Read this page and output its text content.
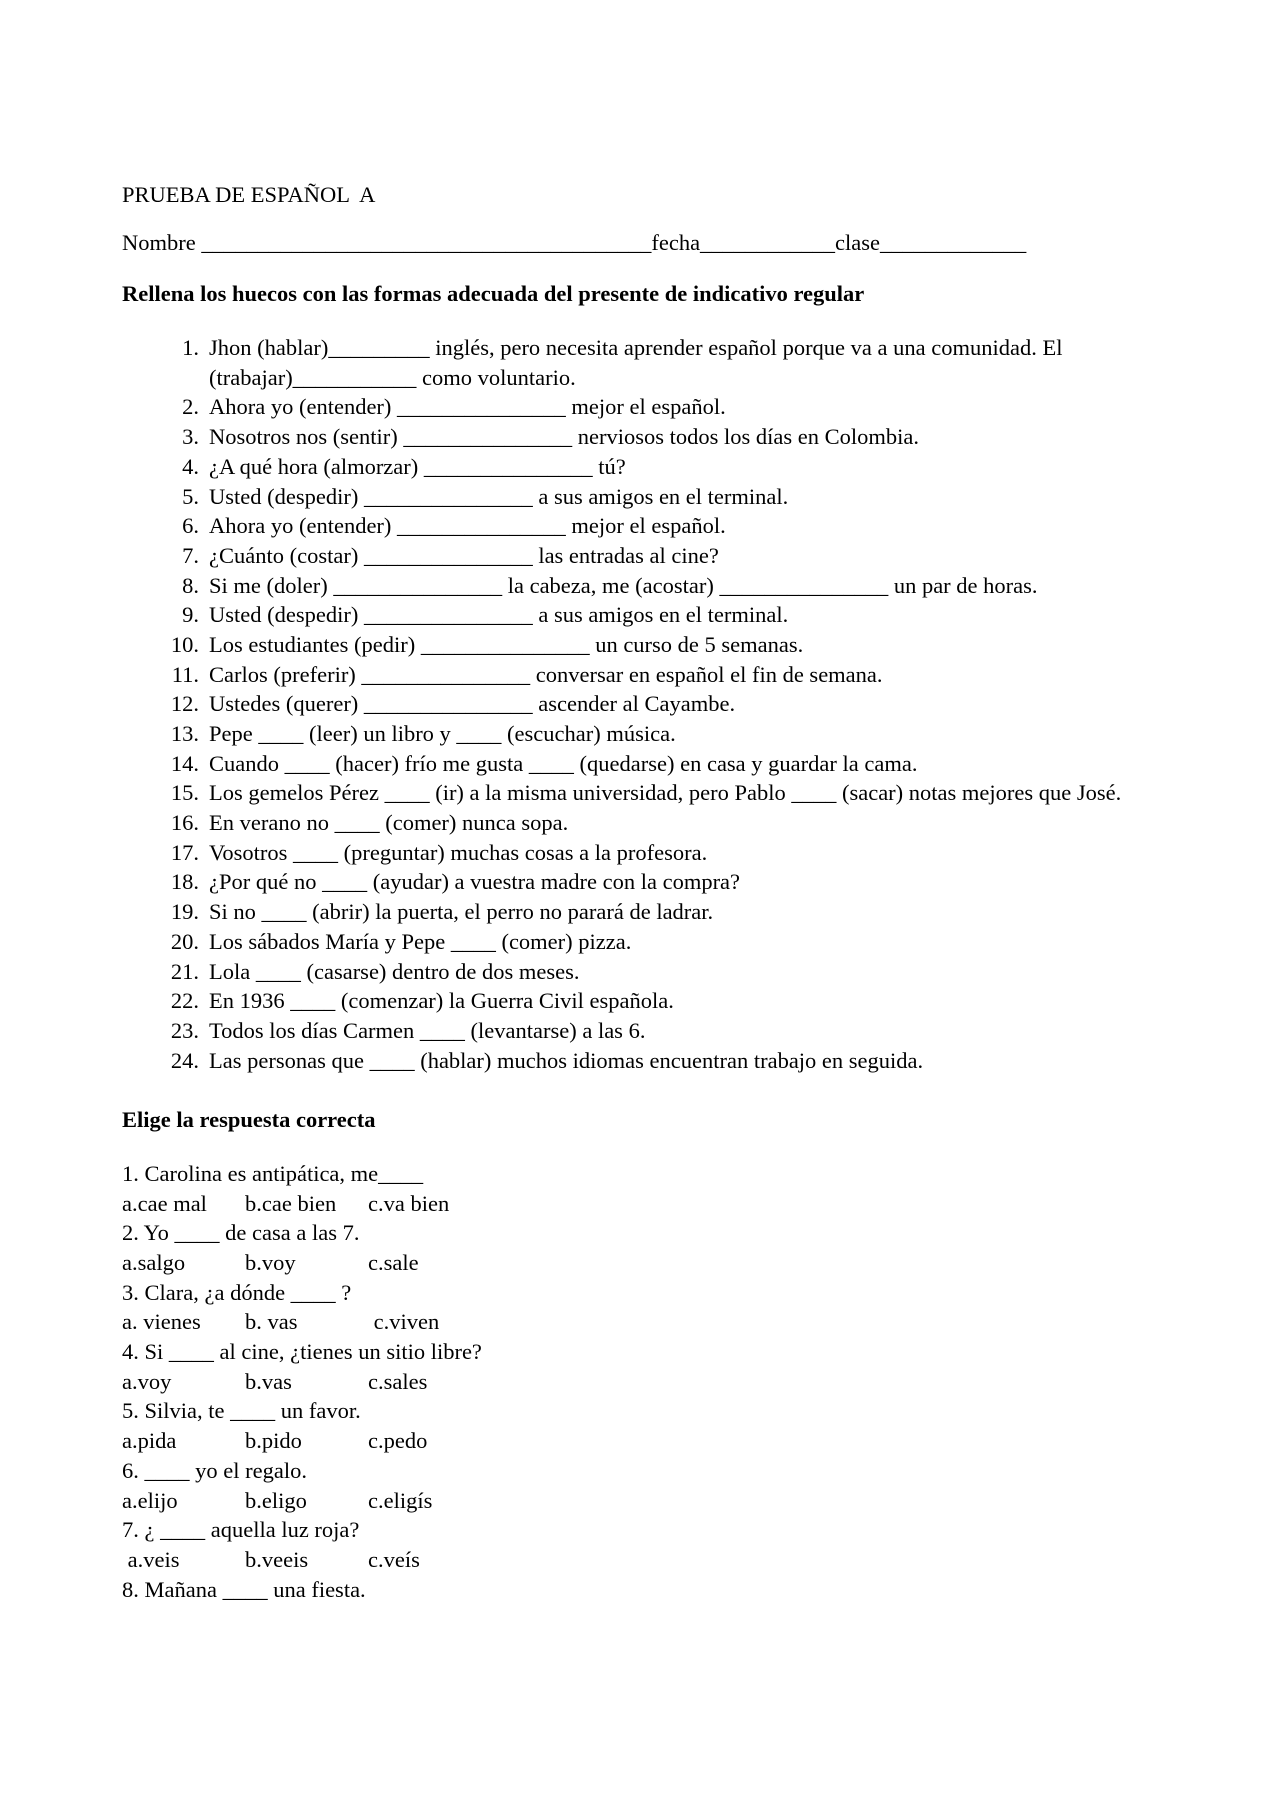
PRUEBA DE ESPAÑOL  A
Nombre ________________________________________fecha____________clase_____________
Rellena los huecos con las formas adecuada del presente de indicativo regular
1. Jhon (hablar)_________ inglés, pero necesita aprender español porque va a una comunidad. El (trabajar)___________ como voluntario.
2. Ahora yo (entender) _______________ mejor el español.
3. Nosotros nos (sentir) _______________ nerviosos todos los días en Colombia.
4. ¿A qué hora (almorzar) _______________ tú?
5. Usted (despedir) _______________ a sus amigos en el terminal.
6. Ahora yo (entender) _______________ mejor el español.
7. ¿Cuánto (costar) _______________ las entradas al cine?
8. Si me (doler) _______________ la cabeza, me (acostar) _______________ un par de horas.
9. Usted (despedir) _______________ a sus amigos en el terminal.
10. Los estudiantes (pedir) _______________ un curso de 5 semanas.
11. Carlos (preferir) _______________ conversar en español el fin de semana.
12. Ustedes (querer) _______________ ascender al Cayambe.
13. Pepe ____ (leer) un libro y ____ (escuchar) música.
14. Cuando ____ (hacer) frío me gusta ____ (quedarse) en casa y guardar la cama.
15. Los gemelos Pérez ____ (ir) a la misma universidad, pero Pablo ____ (sacar) notas mejores que José.
16. En verano no ____ (comer) nunca sopa.
17. Vosotros ____ (preguntar) muchas cosas a la profesora.
18. ¿Por qué no ____ (ayudar) a vuestra madre con la compra?
19. Si no ____ (abrir) la puerta, el perro no parará de ladrar.
20. Los sábados María y Pepe ____ (comer) pizza.
21. Lola ____ (casarse) dentro de dos meses.
22. En 1936 ____ (comenzar) la Guerra Civil española.
23. Todos los días Carmen ____ (levantarse) a las 6.
24. Las personas que ____ (hablar) muchos idiomas encuentran trabajo en seguida.
Elige la respuesta correcta
1. Carolina es antipática, me____
a.cae mal	b.cae bien	c.va bien
2. Yo ____ de casa a las 7.
a.salgo	b.voy	c.sale
3. Clara, ¿a dónde ____ ?
a. vienes	b. vas	c.viven
4. Si ____ al cine, ¿tienes un sitio libre?
a.voy	b.vas	c.sales
5. Silvia, te ____ un favor.
a.pida	b.pido	c.pedo
6. ____ yo el regalo.
a.elijo	b.eligo	c.eligís
7. ¿ ____ aquella luz roja?
a.veis	b.veeis	c.veís
8. Mañana ____ una fiesta.
